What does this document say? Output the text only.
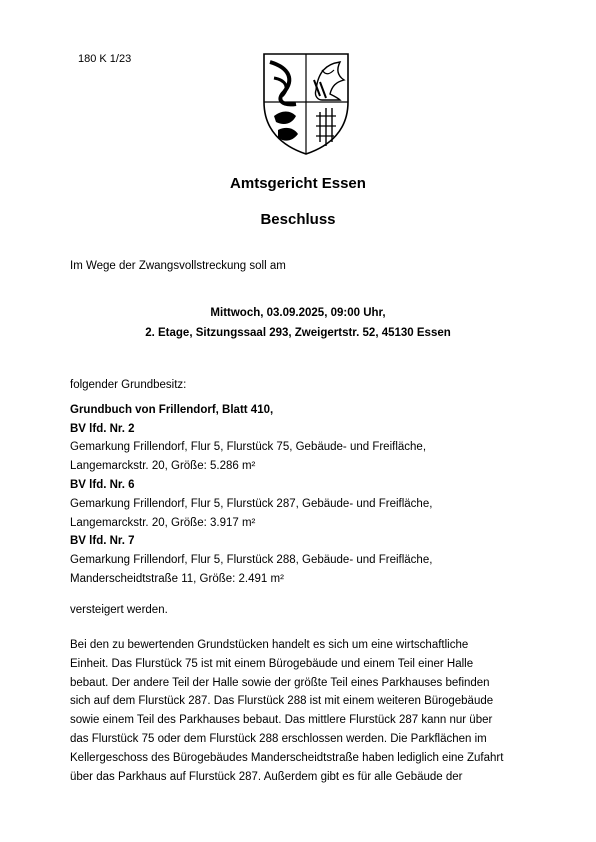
180 K 1/23
Amtsgericht Essen
Beschluss
Im Wege der Zwangsvollstreckung soll am
Mittwoch, 03.09.2025, 09:00 Uhr,
2. Etage, Sitzungssaal 293, Zweigertstr. 52, 45130 Essen
folgender Grundbesitz:
Grundbuch von Frillendorf, Blatt 410,
BV lfd. Nr. 2
Gemarkung Frillendorf, Flur 5, Flurstück 75, Gebäude- und Freifläche,
Langemarckstr. 20, Größe: 5.286 m²
BV lfd. Nr. 6
Gemarkung Frillendorf, Flur 5, Flurstück 287, Gebäude- und Freifläche,
Langemarckstr. 20, Größe: 3.917 m²
BV lfd. Nr. 7
Gemarkung Frillendorf, Flur 5, Flurstück 288, Gebäude- und Freifläche,
Manderscheidtstraße 11, Größe: 2.491 m²
versteigert werden.
Bei den zu bewertenden Grundstücken handelt es sich um eine wirtschaftliche
Einheit. Das Flurstück 75 ist mit einem Bürogebäude und einem Teil einer Halle
bebaut. Der andere Teil der Halle sowie der größte Teil eines Parkhauses befinden
sich auf dem Flurstück 287. Das Flurstück 288 ist mit einem weiteren Bürogebäude
sowie einem Teil des Parkhauses bebaut. Das mittlere Flurstück 287 kann nur über
das Flurstück 75 oder dem Flurstück 288 erschlossen werden. Die Parkflächen im
Kellergeschoss des Bürogebäudes Manderscheidtstraße haben lediglich eine Zufahrt
über das Parkhaus auf Flurstück 287. Außerdem gibt es für alle Gebäude der
